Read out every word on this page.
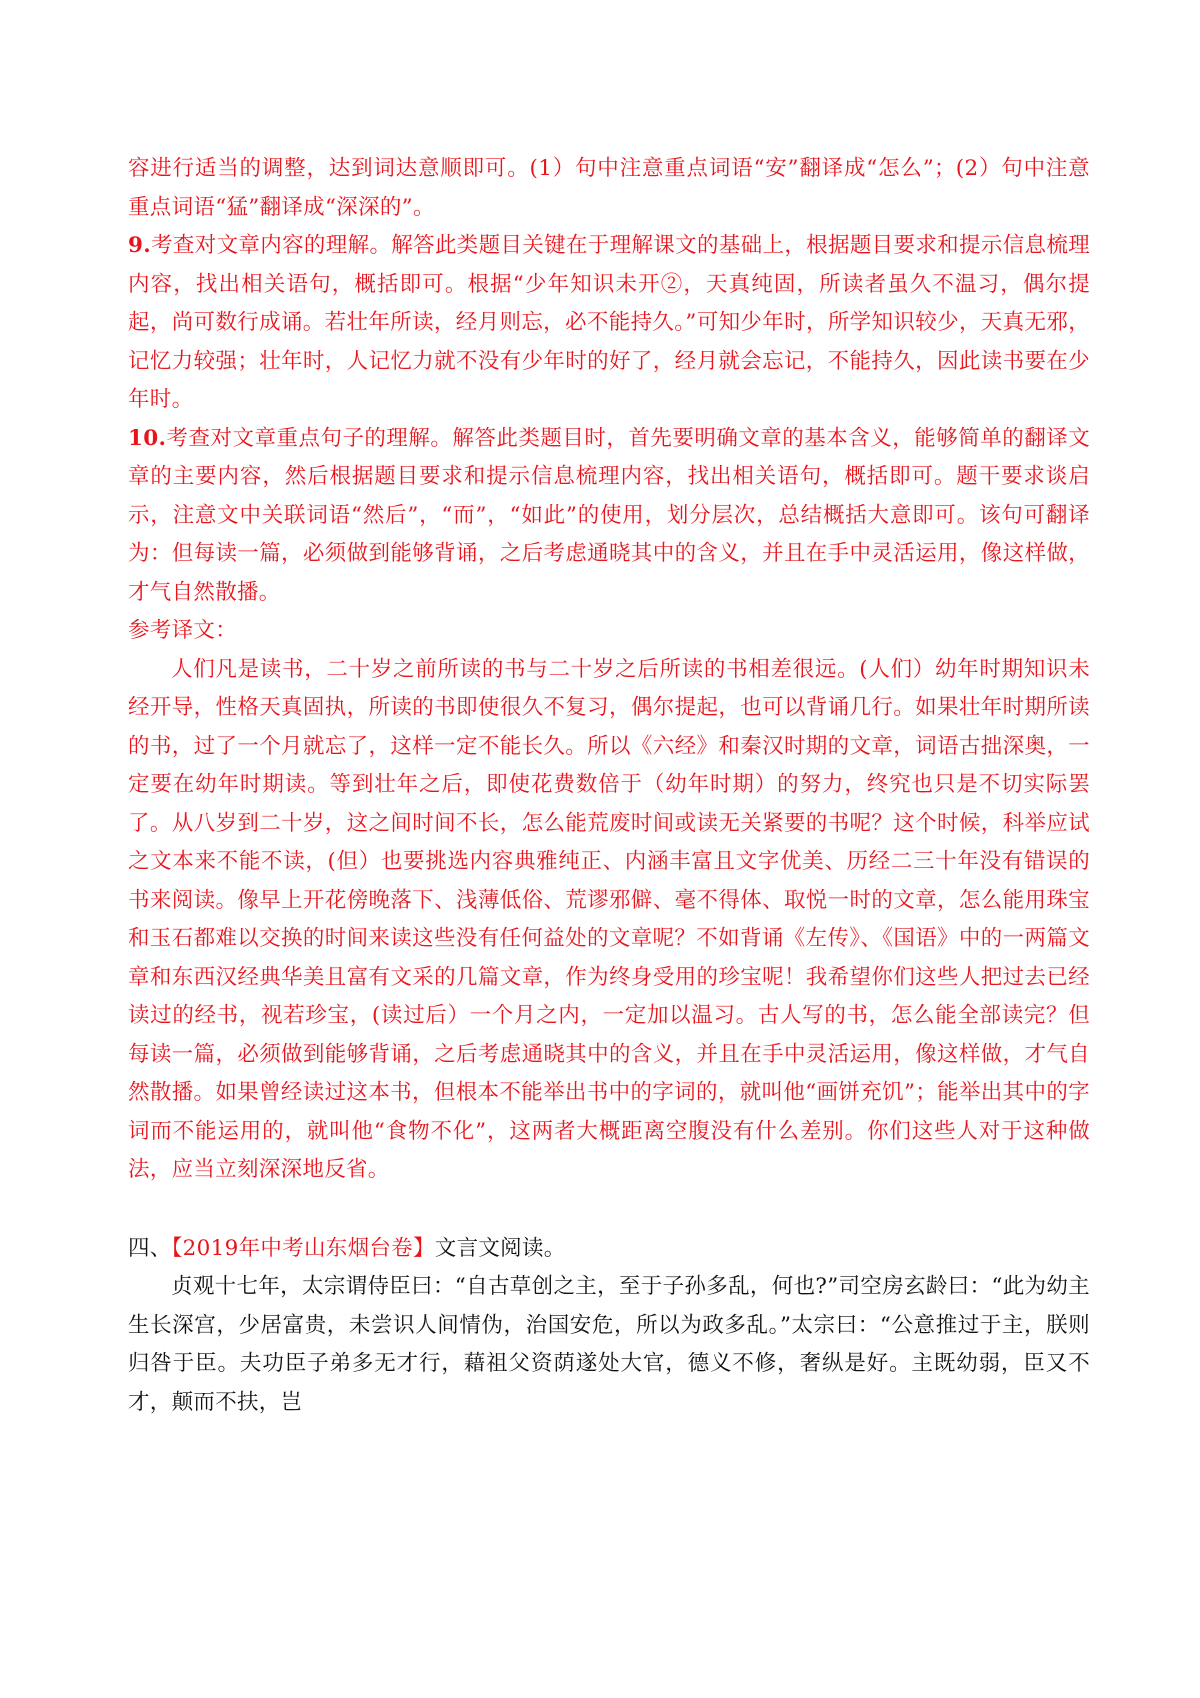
容进行适当的调整，达到词达意顺即可。(1）句中注意重点词语“安”翻译成“怎么”；(2）句中注意重点词语“猛”翻译成“深深的”。

9.考查对文章内容的理解。解答此类题目关键在于理解课文的基础上，根据题目要求和提示信息梳理内容，找出相关语句，概括即可。根据“少年知识未开②，天真纯固，所读者虽久不温习，偶尔提起，尚可数行成诵。若壮年所读，经月则忘，必不能持久。”可知少年时，所学知识较少，天真无邪，记忆力较强；壮年时，人记忆力就不没有少年时的好了，经月就会忘记，不能持久，因此读书要在少年时。

10.考查对文章重点句子的理解。解答此类题目时，首先要明确文章的基本含义，能够简单的翻译文章的主要内容，然后根据题目要求和提示信息梳理内容，找出相关语句，概括即可。题干要求谈启示，注意文中关联词语“然后”，“而”，“如此”的使用，划分层次，总结概括大意即可。该句可翻译为：但每读一篇，必须做到能够背诵，之后考虑通晓其中的含义，并且在手中灵活运用，像这样做，才气自然散播。

参考译文：

人们凡是读书，二十岁之前所读的书与二十岁之后所读的书相差很远。(人们）幼年时期知识未经开导，性格天真固执，所读的书即使很久不复习，偶尔提起，也可以背诵几行。如果壮年时期所读的书，过了一个月就忘了，这样一定不能长久。所以《六经》和秦汉时期的文章，词语古拙深奥，一定要在幼年时期读。等到壮年之后，即使花费数倍于（幼年时期）的努力，终究也只是不切实际罢了。从八岁到二十岁，这之间时间不长，怎么能荒废时间或读无关紧要的书呢？这个时候，科举应试之文本来不能不读，(但）也要挑选内容典雅纯正、内涵丰富且文字优美、历经二三十年没有错误的书来阅读。像早上开花傍晚落下、浅薄低俗、荒谬邪僻、毫不得体、取悦一时的文章，怎么能用珠宝和玉石都难以交换的时间来读这些没有任何益处的文章呢？不如背诵《左传》、《国语》中的一两篇文章和东西汉经典华美且富有文采的几篇文章，作为终身受用的珍宝呢！我希望你们这些人把过去已经读过的经书，视若珍宝，(读过后）一个月之内，一定加以温习。古人写的书，怎么能全部读完？但每读一篇，必须做到能够背诵，之后考虑通晓其中的含义，并且在手中灵活运用，像这样做，才气自然散播。如果曾经读过这本书，但根本不能举出书中的字词的，就叫他“画饼充饥”；能举出其中的字词而不能运用的，就叫他“食物不化”，这两者大概距离空腹没有什么差别。你们这些人对于这种做法，应当立刻深深地反省。

四、【2019年中考山东烟台卷】文言文阅读。

贞观十七年，太宗谓侍臣曰：“自古草创之主，至于子孙多乱，何也?”司空房玄龄曰：“此为幼主生长深宫，少居富贵，未尝识人间情伪，治国安危，所以为政多乱。”太宗曰：“公意推过于主，朕则归咎于臣。夫功臣子弟多无才行，藉祖父资荫遂处大官，德义不修，奢纵是好。主既幼弱，臣又不才，颠而不扶，岂
